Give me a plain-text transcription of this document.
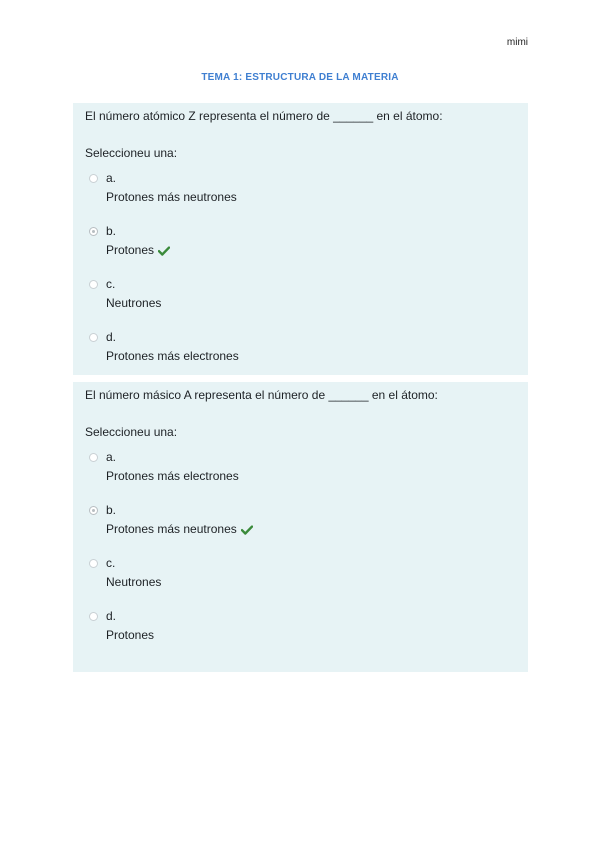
mimi
TEMA 1: ESTRUCTURA DE LA MATERIA
El número atómico Z representa el número de ______ en el átomo:
Seleccioneu una:
a.
Protones más neutrones
b.
Protones
c.
Neutrones
d.
Protones más electrones
El número másico A representa el número de ______ en el átomo:
Seleccioneu una:
a.
Protones más electrones
b.
Protones más neutrones
c.
Neutrones
d.
Protones
